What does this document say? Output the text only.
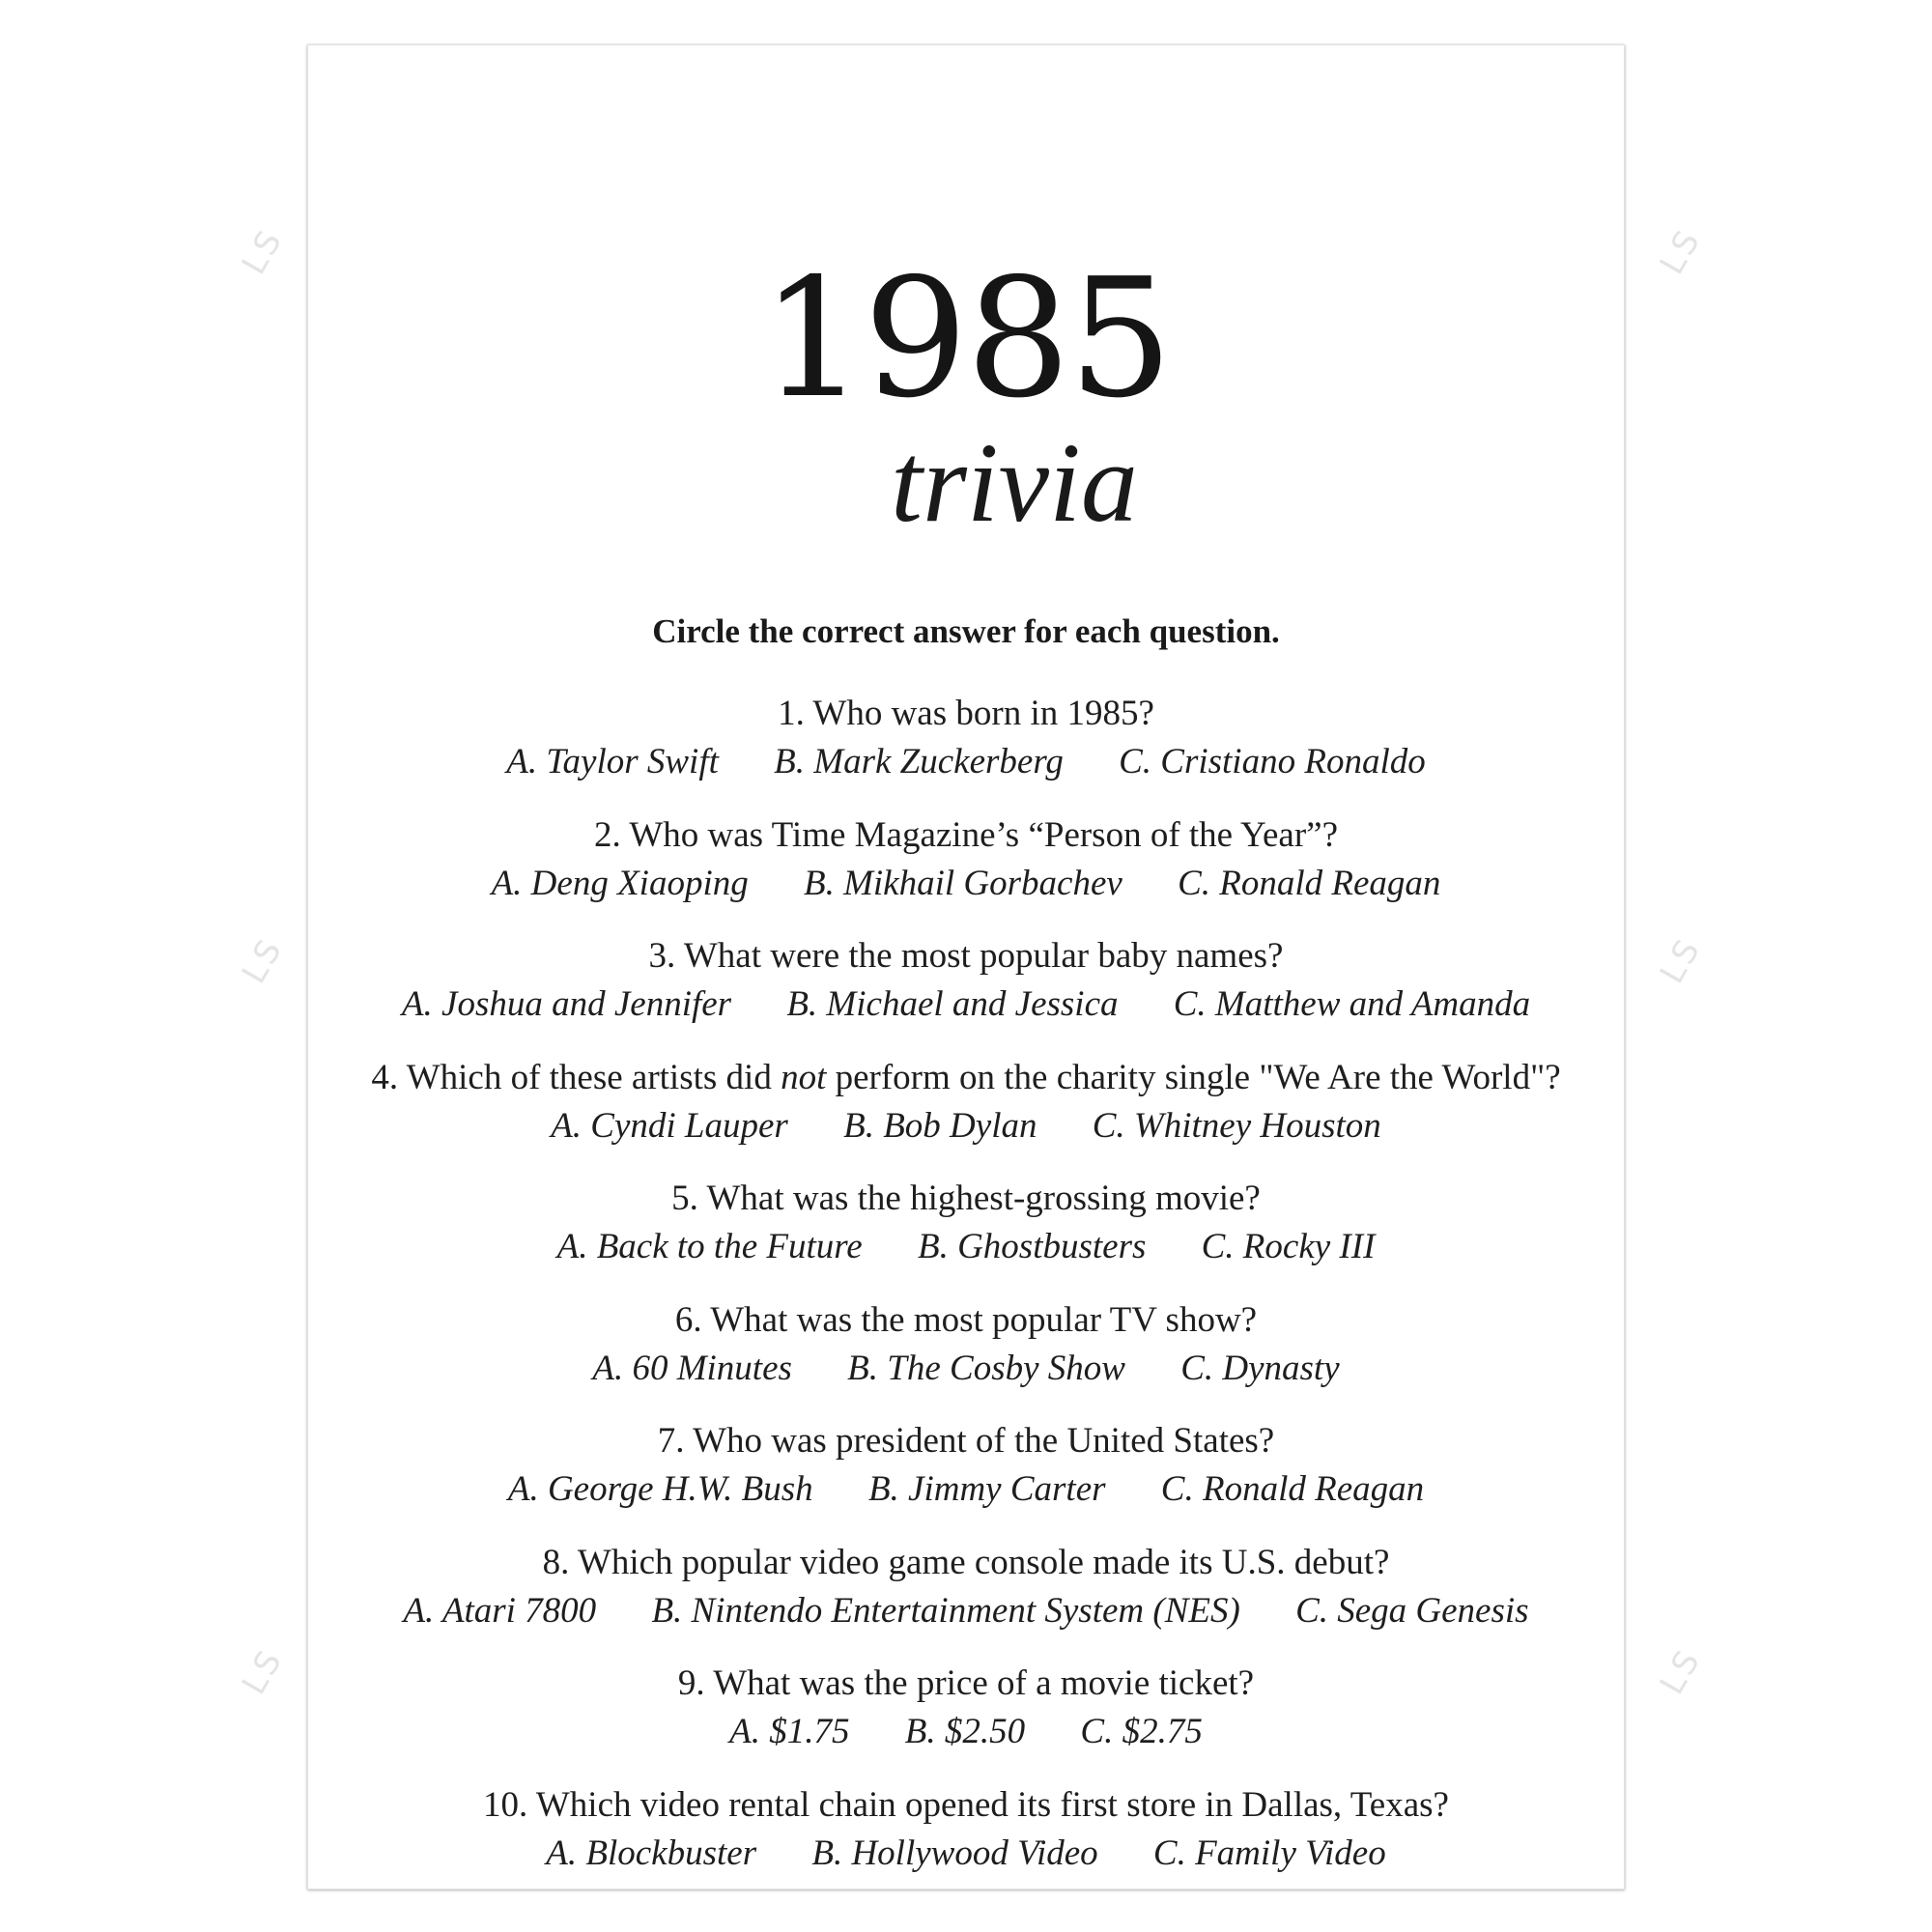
LS	LS
LS	LS
LS	LS
1985
trivia
Circle the correct answer for each question.
1. Who was born in 1985?
A. Taylor Swift B. Mark Zuckerberg C. Cristiano Ronaldo
2. Who was Time Magazine’s “Person of the Year”?
A. Deng Xiaoping B. Mikhail Gorbachev C. Ronald Reagan
3. What were the most popular baby names?
A. Joshua and Jennifer B. Michael and Jessica C. Matthew and Amanda
4. Which of these artists did not perform on the charity single "We Are the World"?
A. Cyndi Lauper B. Bob Dylan C. Whitney Houston
5. What was the highest-grossing movie?
A. Back to the Future B. Ghostbusters C. Rocky III
6. What was the most popular TV show?
A. 60 Minutes B. The Cosby Show C. Dynasty
7. Who was president of the United States?
A. George H.W. Bush B. Jimmy Carter C. Ronald Reagan
8. Which popular video game console made its U.S. debut?
A. Atari 7800 B. Nintendo Entertainment System (NES) C. Sega Genesis
9. What was the price of a movie ticket?
A. $1.75 B. $2.50 C. $2.75
10. Which video rental chain opened its first store in Dallas, Texas?
A. Blockbuster B. Hollywood Video C. Family Video
